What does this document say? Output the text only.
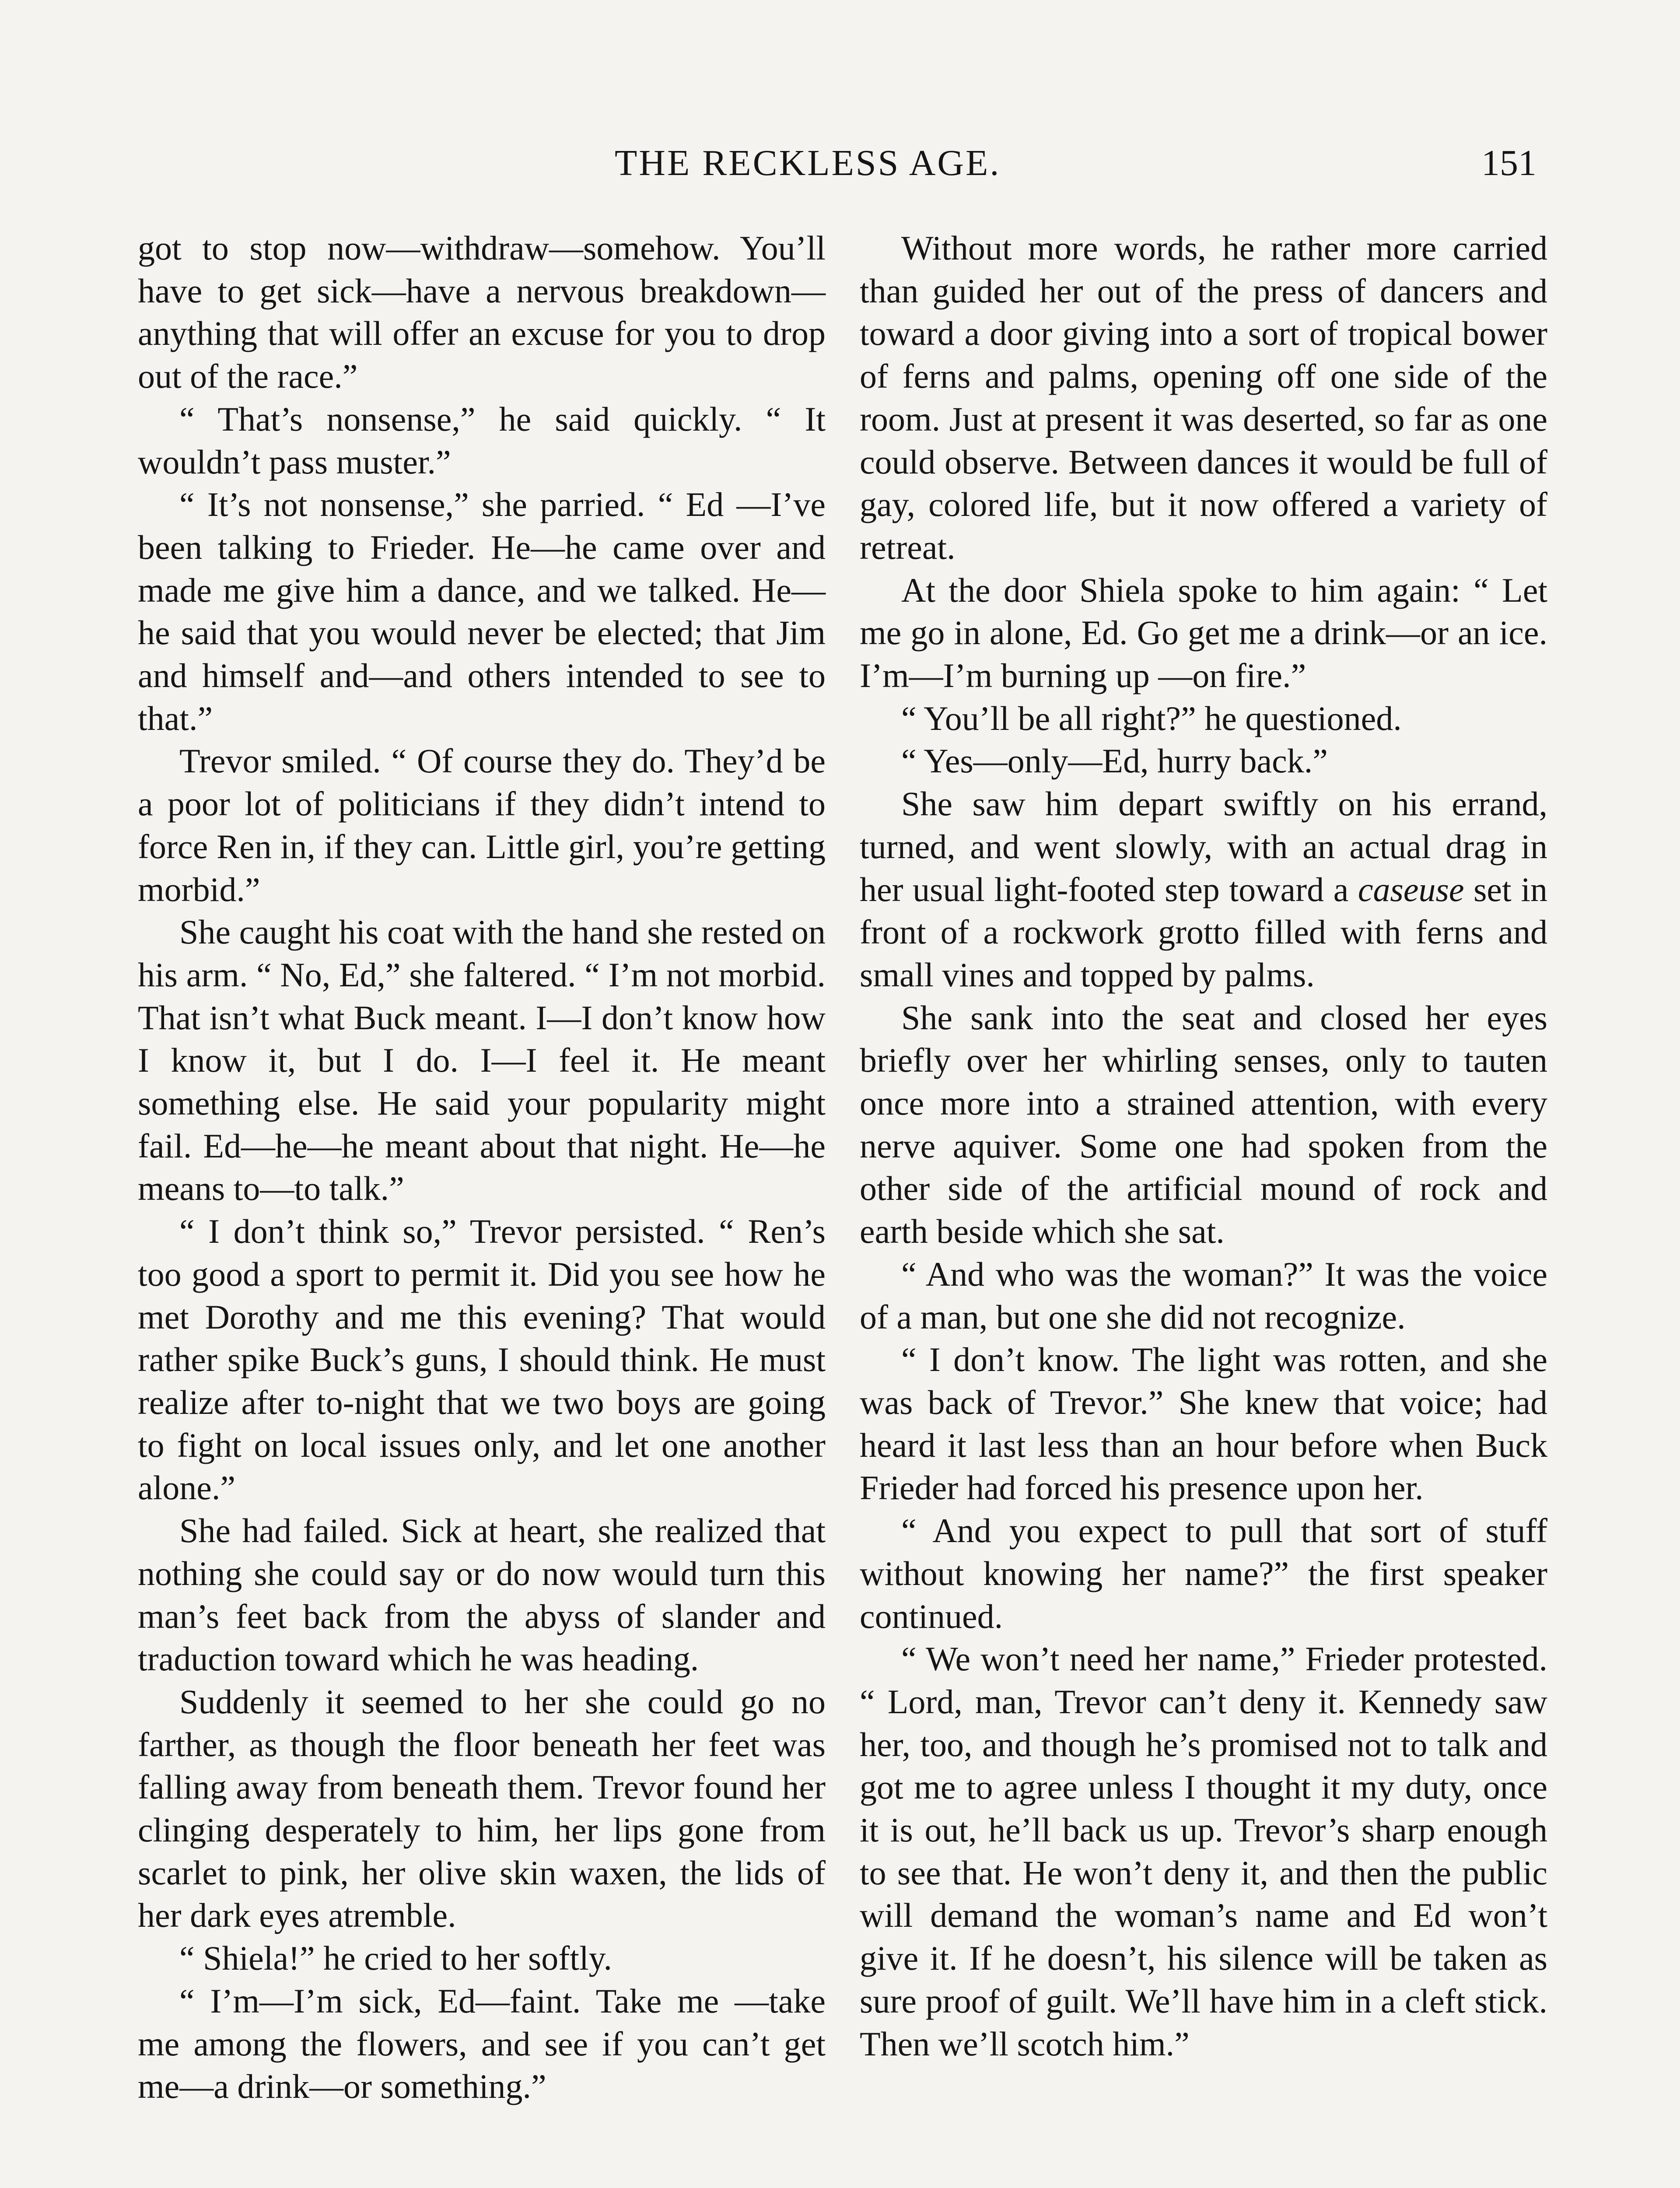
THE RECKLESS AGE.	151

got to stop now—withdraw—somehow. You’ll have to get sick—have a nervous breakdown—anything that will offer an excuse for you to drop out of the race.”

“ That’s nonsense,” he said quickly. “ It wouldn’t pass muster.”

“ It’s not nonsense,” she parried. “ Ed —I’ve been talking to Frieder. He—he came over and made me give him a dance, and we talked. He—he said that you would never be elected; that Jim and himself and—and others intended to see to that.”

Trevor smiled. “ Of course they do. They’d be a poor lot of politicians if they didn’t intend to force Ren in, if they can. Little girl, you’re getting morbid.”

She caught his coat with the hand she rested on his arm. “ No, Ed,” she faltered. “ I’m not morbid. That isn’t what Buck meant. I—I don’t know how I know it, but I do. I—I feel it. He meant something else. He said your popularity might fail. Ed—he—he meant about that night. He—he means to—to talk.”

“ I don’t think so,” Trevor persisted. “ Ren’s too good a sport to permit it. Did you see how he met Dorothy and me this evening? That would rather spike Buck’s guns, I should think. He must realize after to-night that we two boys are going to fight on local issues only, and let one another alone.”

She had failed. Sick at heart, she realized that nothing she could say or do now would turn this man’s feet back from the abyss of slander and traduction toward which he was heading.

Suddenly it seemed to her she could go no farther, as though the floor beneath her feet was falling away from beneath them. Trevor found her clinging desperately to him, her lips gone from scarlet to pink, her olive skin waxen, the lids of her dark eyes atremble.

“ Shiela!” he cried to her softly.

“ I’m—I’m sick, Ed—faint. Take me —take me among the flowers, and see if you can’t get me—a drink—or something.”

Without more words, he rather more carried than guided her out of the press of dancers and toward a door giving into a sort of tropical bower of ferns and palms, opening off one side of the room. Just at present it was deserted, so far as one could observe. Between dances it would be full of gay, colored life, but it now offered a variety of retreat.

At the door Shiela spoke to him again: “ Let me go in alone, Ed. Go get me a drink—or an ice. I’m—I’m burning up —on fire.”

“ You’ll be all right?” he questioned.

“ Yes—only—Ed, hurry back.”

She saw him depart swiftly on his errand, turned, and went slowly, with an actual drag in her usual light-footed step toward a caseuse set in front of a rockwork grotto filled with ferns and small vines and topped by palms.

She sank into the seat and closed her eyes briefly over her whirling senses, only to tauten once more into a strained attention, with every nerve aquiver. Some one had spoken from the other side of the artificial mound of rock and earth beside which she sat.

“ And who was the woman?” It was the voice of a man, but one she did not recognize.

“ I don’t know. The light was rotten, and she was back of Trevor.” She knew that voice; had heard it last less than an hour before when Buck Frieder had forced his presence upon her.

“ And you expect to pull that sort of stuff without knowing her name?” the first speaker continued.

“ We won’t need her name,” Frieder protested. “ Lord, man, Trevor can’t deny it. Kennedy saw her, too, and though he’s promised not to talk and got me to agree unless I thought it my duty, once it is out, he’ll back us up. Trevor’s sharp enough to see that. He won’t deny it, and then the public will demand the woman’s name and Ed won’t give it. If he doesn’t, his silence will be taken as sure proof of guilt. We’ll have him in a cleft stick. Then we’ll scotch him.”
